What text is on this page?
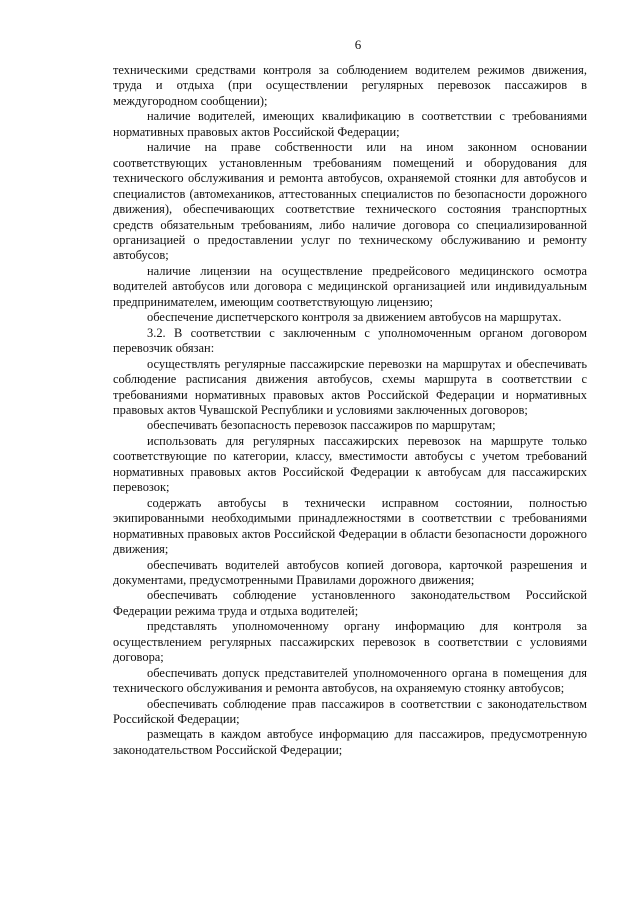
6

техническими средствами контроля за соблюдением водителем режимов движения, труда и отдыха (при осуществлении регулярных перевозок пассажиров в междугородном сообщении);

наличие водителей, имеющих квалификацию в соответствии с требованиями нормативных правовых актов Российской Федерации;

наличие на праве собственности или на ином законном основании соответствующих установленным требованиям помещений и оборудования для технического обслуживания и ремонта автобусов, охраняемой стоянки для автобусов и специалистов (автомехаников, аттестованных специалистов по безопасности дорожного движения), обеспечивающих соответствие технического состояния транспортных средств обязательным требованиям, либо наличие договора со специализированной организацией о предоставлении услуг по техническому обслуживанию и ремонту автобусов;

наличие лицензии на осуществление предрейсового медицинского осмотра водителей автобусов или договора с медицинской организацией или индивидуальным предпринимателем, имеющим соответствующую лицензию;

обеспечение диспетчерского контроля за движением автобусов на маршрутах.

3.2. В соответствии с заключенным с уполномоченным органом договором перевозчик обязан:

осуществлять регулярные пассажирские перевозки на маршрутах и обеспечивать соблюдение расписания движения автобусов, схемы маршрута в соответствии с требованиями нормативных правовых актов Российской Федерации и нормативных правовых актов Чувашской Республики и условиями заключенных договоров;

обеспечивать безопасность перевозок пассажиров по маршрутам;

использовать для регулярных пассажирских перевозок на маршруте только соответствующие по категории, классу, вместимости автобусы с учетом требований нормативных правовых актов Российской Федерации к автобусам для пассажирских перевозок;

содержать автобусы в технически исправном состоянии, полностью экипированными необходимыми принадлежностями в соответствии с требованиями нормативных правовых актов Российской Федерации в области безопасности дорожного движения;

обеспечивать водителей автобусов копией договора, карточкой разрешения и документами, предусмотренными Правилами дорожного движения;

обеспечивать соблюдение установленного законодательством Российской Федерации режима труда и отдыха водителей;

представлять уполномоченному органу информацию для контроля за осуществлением регулярных пассажирских перевозок в соответствии с условиями договора;

обеспечивать допуск представителей уполномоченного органа в помещения для технического обслуживания и ремонта автобусов, на охраняемую стоянку автобусов;

обеспечивать соблюдение прав пассажиров в соответствии с законодательством Российской Федерации;

размещать в каждом автобусе информацию для пассажиров, предусмотренную законодательством Российской Федерации;
